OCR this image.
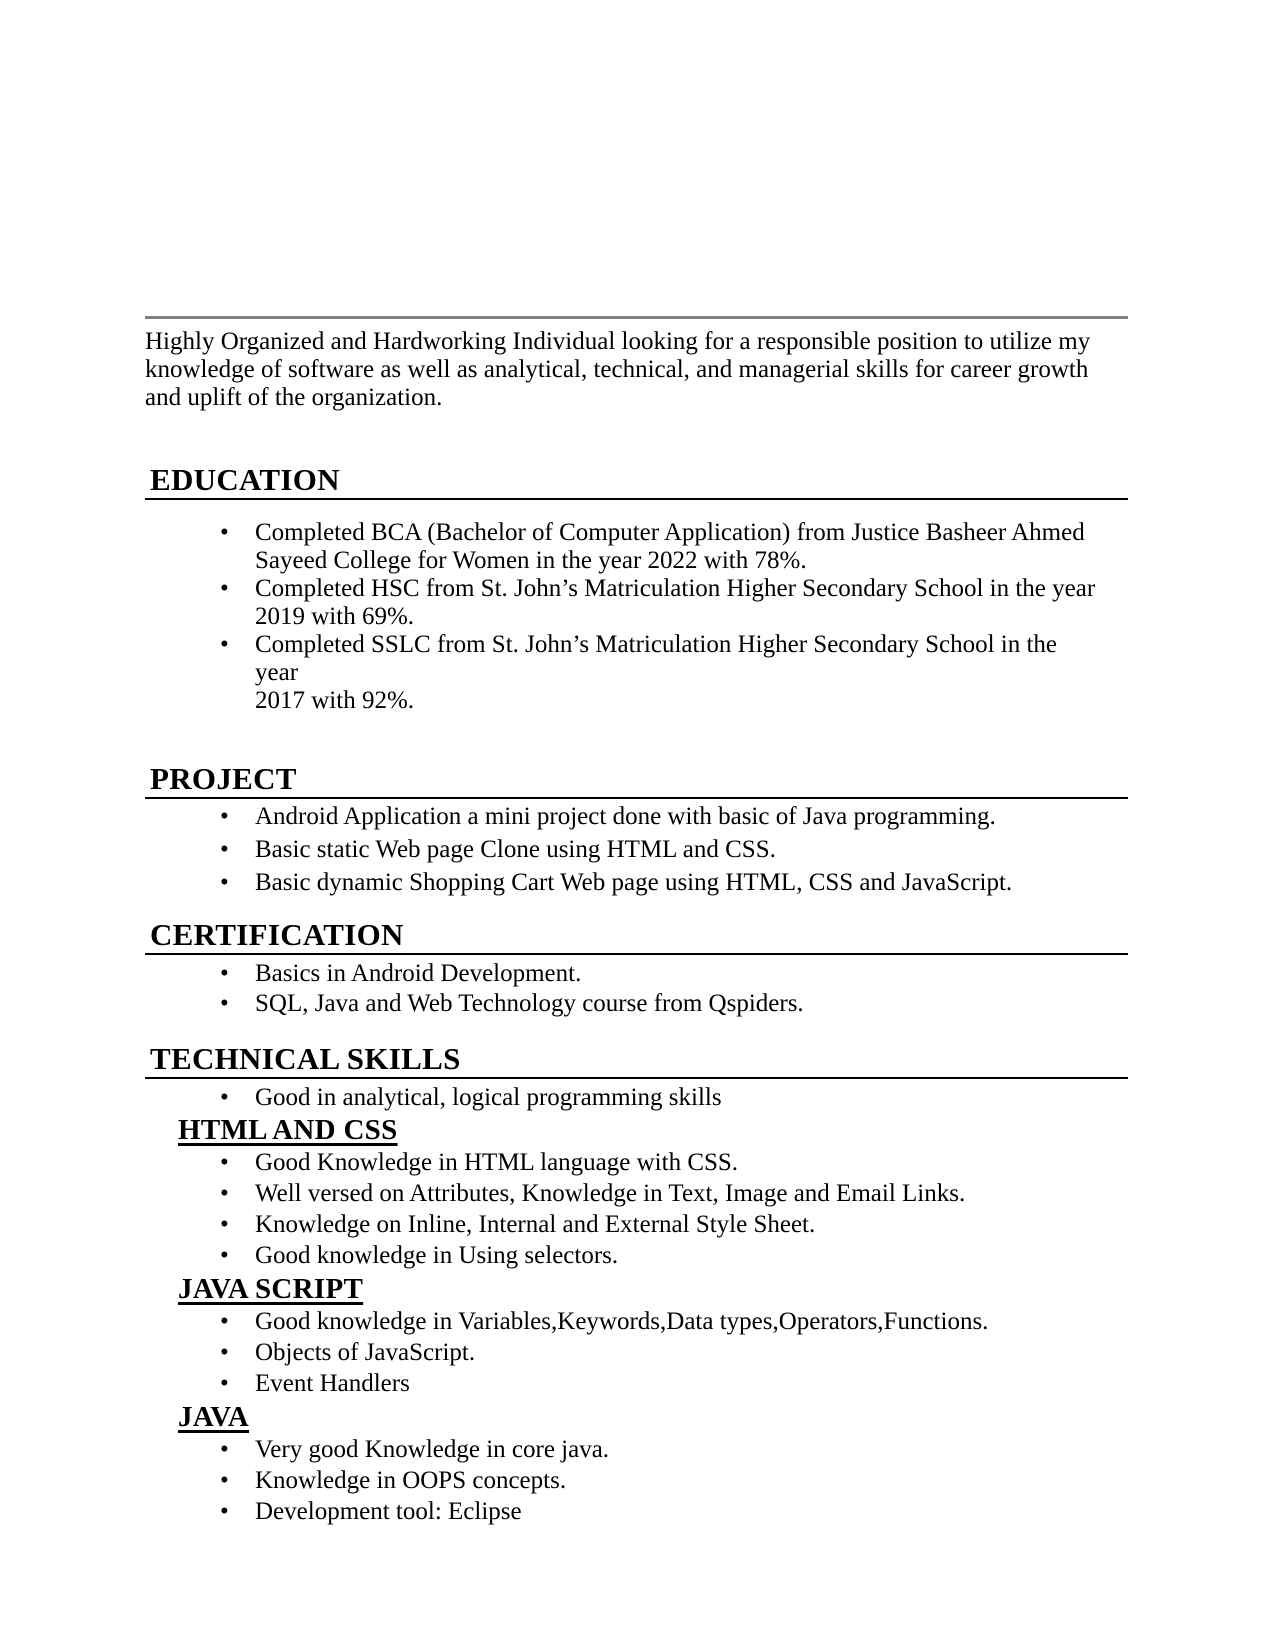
Highly Organized and Hardworking Individual looking for a responsible position to utilize my knowledge of software as well as analytical, technical, and managerial skills for career growth and uplift of the organization.

EDUCATION
• Completed BCA (Bachelor of Computer Application) from Justice Basheer Ahmed
Sayeed College for Women in the year 2022 with 78%.
• Completed HSC from St. John’s Matriculation Higher Secondary School in the year
2019 with 69%.
• Completed SSLC from St. John’s Matriculation Higher Secondary School in the year
2017 with 92%.
PROJECT
• Android Application a mini project done with basic of Java programming.
• Basic static Web page Clone using HTML and CSS.
• Basic dynamic Shopping Cart Web page using HTML, CSS and JavaScript.
CERTIFICATION
• Basics in Android Development.
• SQL, Java and Web Technology course from Qspiders.
TECHNICAL SKILLS
• Good in analytical, logical programming skills
HTML AND CSS
• Good Knowledge in HTML language with CSS.
• Well versed on Attributes, Knowledge in Text, Image and Email Links.
• Knowledge on Inline, Internal and External Style Sheet.
• Good knowledge in Using selectors.
JAVA SCRIPT
• Good knowledge in Variables,Keywords,Data types,Operators,Functions.
• Objects of JavaScript.
• Event Handlers
JAVA
• Very good Knowledge in core java.
• Knowledge in OOPS concepts.
• Development tool: Eclipse
